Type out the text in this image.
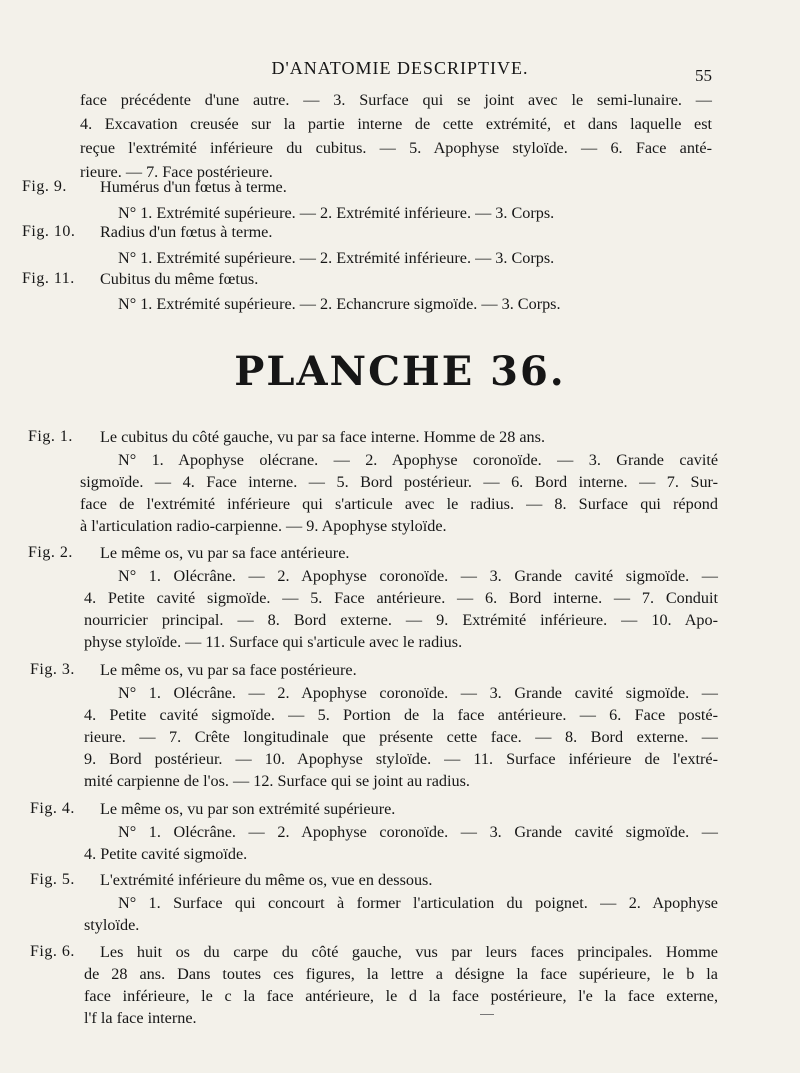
D'ANATOMIE DESCRIPTIVE.	55
face précédente d'une autre. — 3. Surface qui se joint avec le semi-lunaire. —
4. Excavation creusée sur la partie interne de cette extrémité, et dans laquelle est
reçue l'extrémité inférieure du cubitus. — 5. Apophyse styloïde. — 6. Face anté-
rieure. — 7. Face postérieure.
Fig. 9. Humérus d'un fœtus à terme.
N° 1. Extrémité supérieure. — 2. Extrémité inférieure. — 3. Corps.
Fig. 10. Radius d'un fœtus à terme.
N° 1. Extrémité supérieure. — 2. Extrémité inférieure. — 3. Corps.
Fig. 11. Cubitus du même fœtus.
N° 1. Extrémité supérieure. — 2. Echancrure sigmoïde. — 3. Corps.
PLANCHE 36.
Fig. 1. Le cubitus du côté gauche, vu par sa face interne. Homme de 28 ans.
N° 1. Apophyse olécrane. — 2. Apophyse coronoïde. — 3. Grande cavité
sigmoïde. — 4. Face interne. — 5. Bord postérieur. — 6. Bord interne. — 7. Sur-
face de l'extrémité inférieure qui s'articule avec le radius. — 8. Surface qui répond
à l'articulation radio-carpienne. — 9. Apophyse styloïde.
Fig. 2. Le même os, vu par sa face antérieure.
N° 1. Olécrâne. — 2. Apophyse coronoïde. — 3. Grande cavité sigmoïde. —
4. Petite cavité sigmoïde. — 5. Face antérieure. — 6. Bord interne. — 7. Conduit
nourricier principal. — 8. Bord externe. — 9. Extrémité inférieure. — 10. Apo-
physe styloïde. — 11. Surface qui s'articule avec le radius.
Fig. 3. Le même os, vu par sa face postérieure.
N° 1. Olécrâne. — 2. Apophyse coronoïde. — 3. Grande cavité sigmoïde. —
4. Petite cavité sigmoïde. — 5. Portion de la face antérieure. — 6. Face posté-
rieure. — 7. Crête longitudinale que présente cette face. — 8. Bord externe. —
9. Bord postérieur. — 10. Apophyse styloïde. — 11. Surface inférieure de l'extré-
mité carpienne de l'os. — 12. Surface qui se joint au radius.
Fig. 4. Le même os, vu par son extrémité supérieure.
N° 1. Olécrâne. — 2. Apophyse coronoïde. — 3. Grande cavité sigmoïde. —
4. Petite cavité sigmoïde.
Fig. 5. L'extrémité inférieure du même os, vue en dessous.
N° 1. Surface qui concourt à former l'articulation du poignet. — 2. Apophyse
styloïde.
Fig. 6. Les huit os du carpe du côté gauche, vus par leurs faces principales. Homme
de 28 ans. Dans toutes ces figures, la lettre a désigne la face supérieure, le b la
face inférieure, le c la face antérieure, le d la face postérieure, l'e la face externe,
l'f la face interne.
